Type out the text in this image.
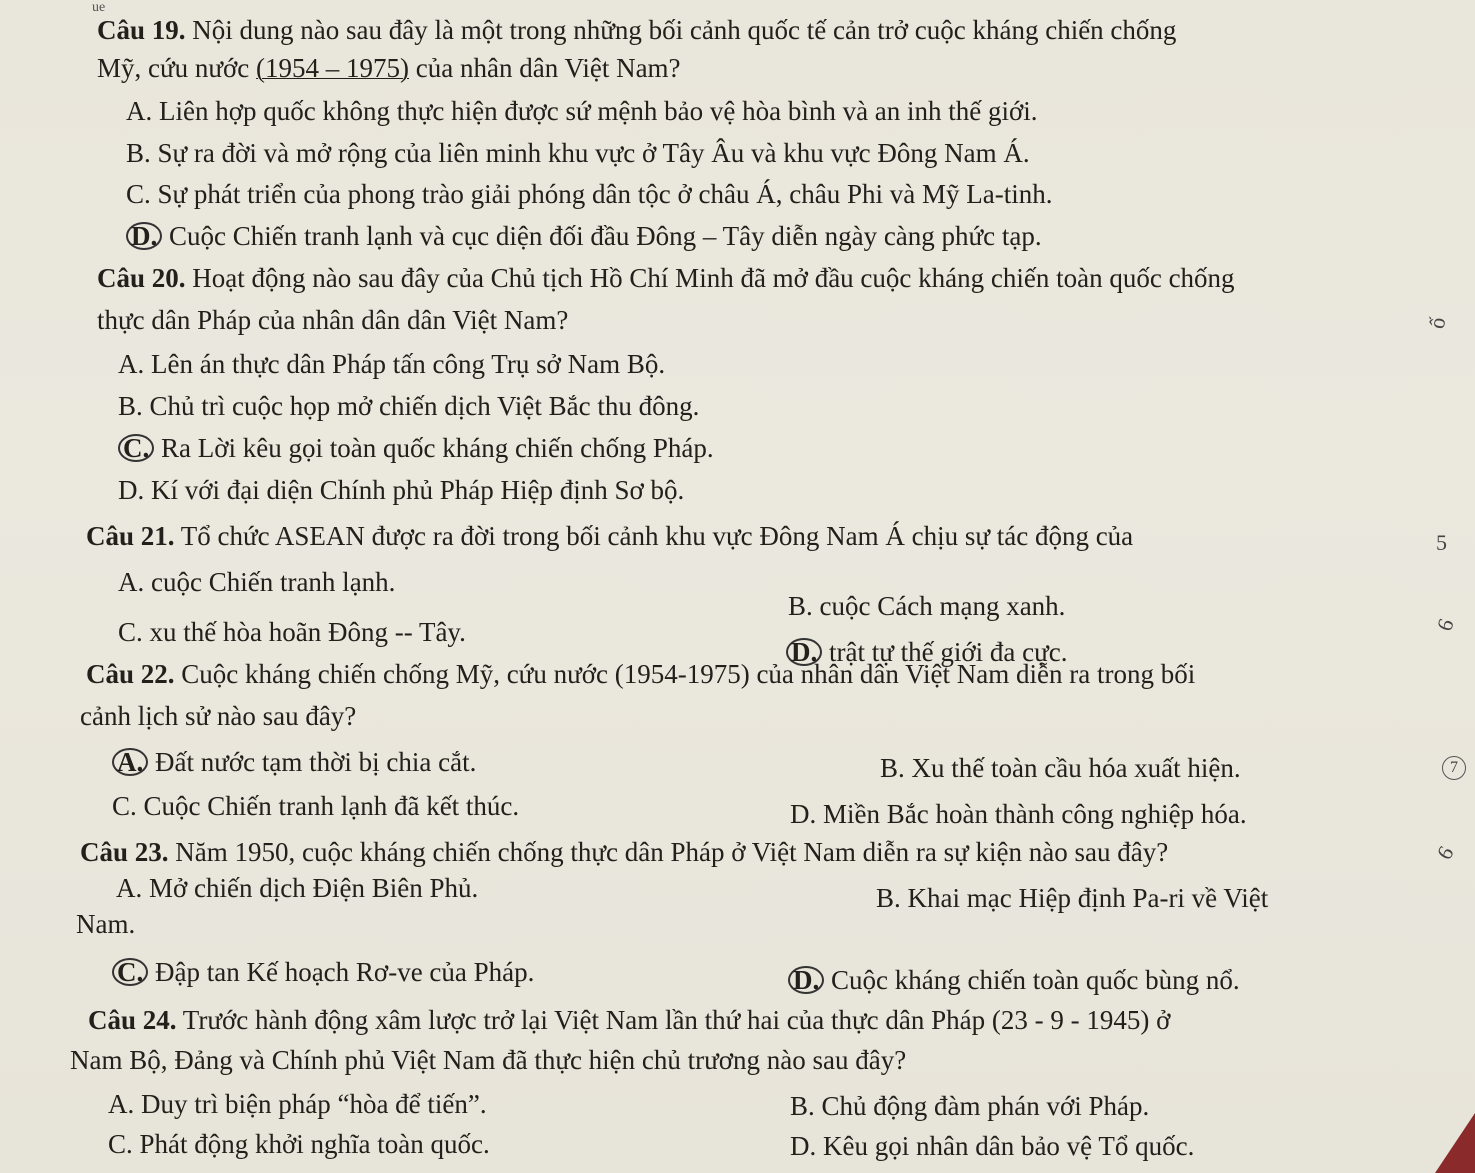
ue
Câu 19. Nội dung nào sau đây là một trong những bối cảnh quốc tế cản trở cuộc kháng chiến chống
Mỹ, cứu nước (1954 – 1975) của nhân dân Việt Nam?
A. Liên hợp quốc không thực hiện được sứ mệnh bảo vệ hòa bình và an inh thế giới.
B. Sự ra đời và mở rộng của liên minh khu vực ở Tây Âu và khu vực Đông Nam Á.
C. Sự phát triển của phong trào giải phóng dân tộc ở châu Á, châu Phi và Mỹ La-tinh.
D. Cuộc Chiến tranh lạnh và cục diện đối đầu Đông – Tây diễn ngày càng phức tạp.
Câu 20. Hoạt động nào sau đây của Chủ tịch Hồ Chí Minh đã mở đầu cuộc kháng chiến toàn quốc chống
thực dân Pháp của nhân dân dân Việt Nam?
A. Lên án thực dân Pháp tấn công Trụ sở Nam Bộ.
B. Chủ trì cuộc họp mở chiến dịch Việt Bắc thu đông.
C. Ra Lời kêu gọi toàn quốc kháng chiến chống Pháp.
D. Kí với đại diện Chính phủ Pháp Hiệp định Sơ bộ.
Câu 21. Tổ chức ASEAN được ra đời trong bối cảnh khu vực Đông Nam Á chịu sự tác động của
A. cuộc Chiến tranh lạnh.
B. cuộc Cách mạng xanh.
C. xu thế hòa hoãn Đông -- Tây.
D. trật tự thế giới đa cực.
Câu 22. Cuộc kháng chiến chống Mỹ, cứu nước (1954-1975) của nhân dân Việt Nam diễn ra trong bối
cảnh lịch sử nào sau đây?
A. Đất nước tạm thời bị chia cắt.	B. Xu thế toàn cầu hóa xuất hiện.
C. Cuộc Chiến tranh lạnh đã kết thúc.	D. Miền Bắc hoàn thành công nghiệp hóa.
Câu 23. Năm 1950, cuộc kháng chiến chống thực dân Pháp ở Việt Nam diễn ra sự kiện nào sau đây?
A. Mở chiến dịch Điện Biên Phủ.	B. Khai mạc Hiệp định Pa-ri về Việt
Nam.
C. Đập tan Kế hoạch Rơ-ve của Pháp.	D. Cuộc kháng chiến toàn quốc bùng nổ.
Câu 24. Trước hành động xâm lược trở lại Việt Nam lần thứ hai của thực dân Pháp (23 - 9 - 1945) ở
Nam Bộ, Đảng và Chính phủ Việt Nam đã thực hiện chủ trương nào sau đây?
A. Duy trì biện pháp “hòa để tiến”.	B. Chủ động đàm phán với Pháp.
C. Phát động khởi nghĩa toàn quốc.	D. Kêu gọi nhân dân bảo vệ Tổ quốc.
ố
5
6
7
6
